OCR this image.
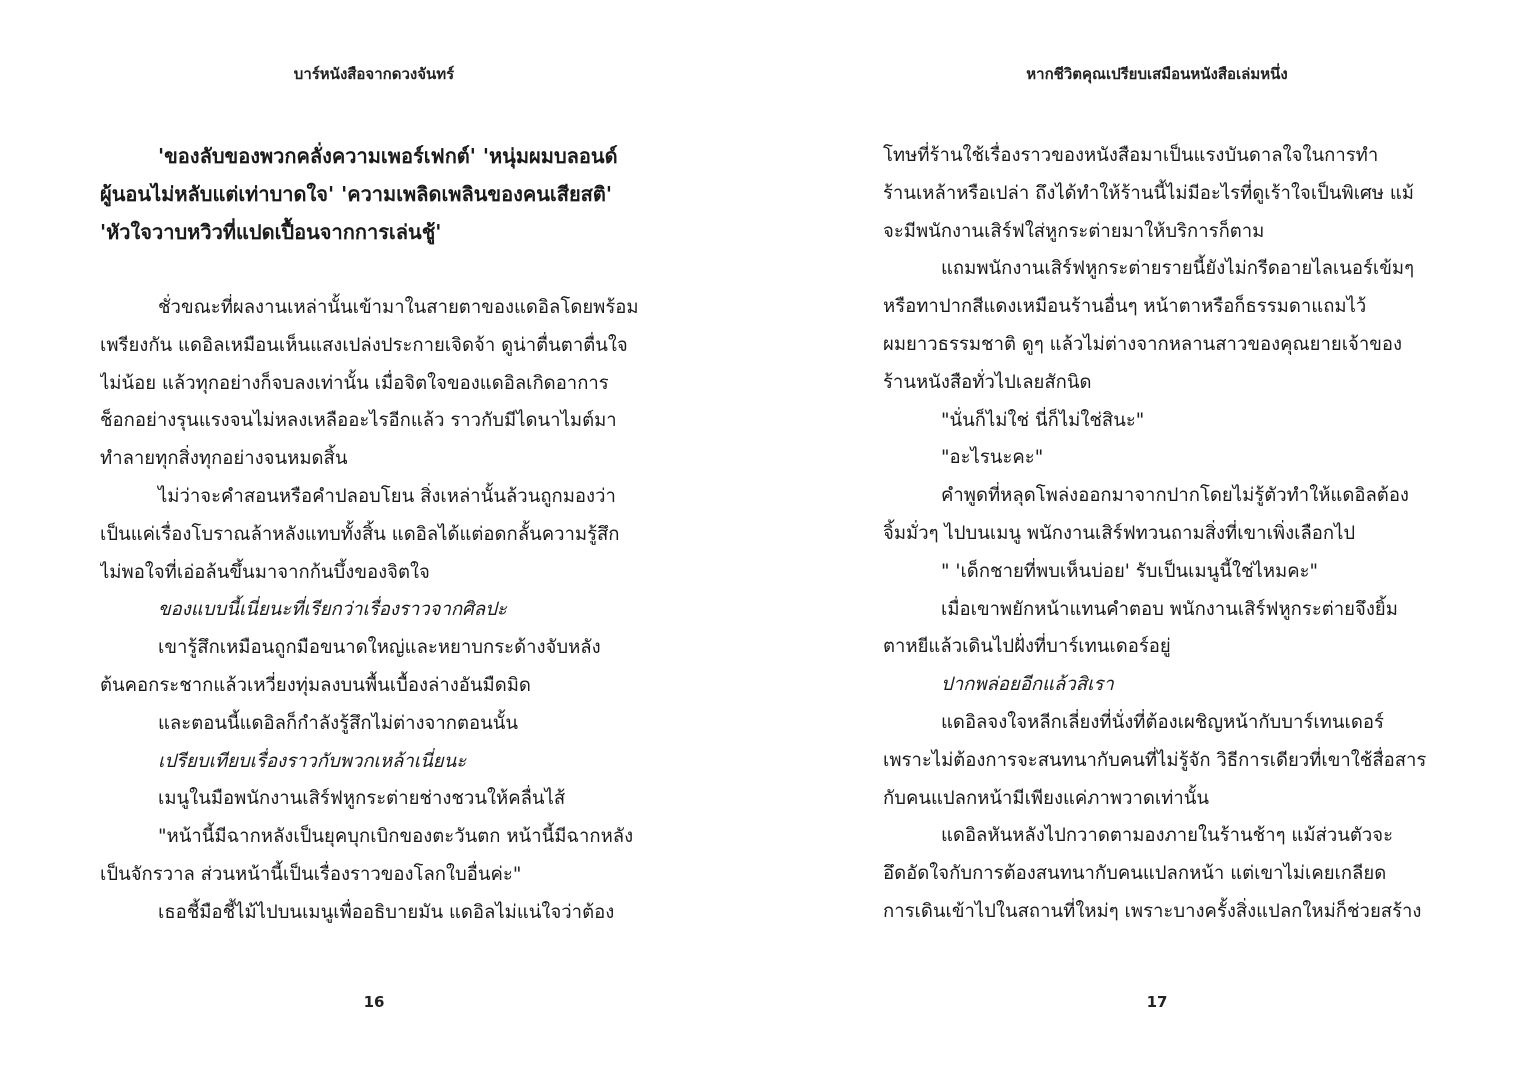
บาร์หนังสือจากดวงจันทร์
'ของลับของพวกคลั่งความเพอร์เฟกต์' 'หนุ่มผมบลอนด์
ผู้นอนไม่หลับแต่เท่าบาดใจ' 'ความเพลิดเพลินของคนเสียสติ'
'หัวใจวาบหวิวที่แปดเปื้อนจากการเล่นชู้'
ชั่วขณะที่ผลงานเหล่านั้นเข้ามาในสายตาของแดอิลโดยพร้อม
เพรียงกัน แดอิลเหมือนเห็นแสงเปล่งประกายเจิดจ้า ดูน่าตื่นตาตื่นใจ
ไม่น้อย แล้วทุกอย่างก็จบลงเท่านั้น เมื่อจิตใจของแดอิลเกิดอาการ
ช็อกอย่างรุนแรงจนไม่หลงเหลืออะไรอีกแล้ว ราวกับมีไดนาไมต์มา
ทำลายทุกสิ่งทุกอย่างจนหมดสิ้น
ไม่ว่าจะคำสอนหรือคำปลอบโยน สิ่งเหล่านั้นล้วนถูกมองว่า
เป็นแค่เรื่องโบราณล้าหลังแทบทั้งสิ้น แดอิลได้แต่อดกลั้นความรู้สึก
ไม่พอใจที่เอ่อล้นขึ้นมาจากก้นบึ้งของจิตใจ
ของแบบนี้เนี่ยนะที่เรียกว่าเรื่องราวจากศิลปะ
เขารู้สึกเหมือนถูกมือขนาดใหญ่และหยาบกระด้างจับหลัง
ต้นคอกระชากแล้วเหวี่ยงทุ่มลงบนพื้นเบื้องล่างอันมืดมิด
และตอนนี้แดอิลก็กำลังรู้สึกไม่ต่างจากตอนนั้น
เปรียบเทียบเรื่องราวกับพวกเหล้าเนี่ยนะ
เมนูในมือพนักงานเสิร์ฟหูกระต่ายช่างชวนให้คลื่นไส้
"หน้านี้มีฉากหลังเป็นยุคบุกเบิกของตะวันตก หน้านี้มีฉากหลัง
เป็นจักรวาล ส่วนหน้านี้เป็นเรื่องราวของโลกใบอื่นค่ะ"
เธอชี้มือชี้ไม้ไปบนเมนูเพื่ออธิบายมัน แดอิลไม่แน่ใจว่าต้อง
16
หากชีวิตคุณเปรียบเสมือนหนังสือเล่มหนึ่ง
โทษที่ร้านใช้เรื่องราวของหนังสือมาเป็นแรงบันดาลใจในการทำ
ร้านเหล้าหรือเปล่า ถึงได้ทำให้ร้านนี้ไม่มีอะไรที่ดูเร้าใจเป็นพิเศษ แม้
จะมีพนักงานเสิร์ฟใส่หูกระต่ายมาให้บริการก็ตาม
แถมพนักงานเสิร์ฟหูกระต่ายรายนี้ยังไม่กรีดอายไลเนอร์เข้มๆ
หรือทาปากสีแดงเหมือนร้านอื่นๆ หน้าตาหรือก็ธรรมดาแถมไว้
ผมยาวธรรมชาติ ดูๆ แล้วไม่ต่างจากหลานสาวของคุณยายเจ้าของ
ร้านหนังสือทั่วไปเลยสักนิด
"นั่นก็ไม่ใช่ นี่ก็ไม่ใช่สินะ"
"อะไรนะคะ"
คำพูดที่หลุดโพล่งออกมาจากปากโดยไม่รู้ตัวทำให้แดอิลต้อง
จิ้มมั่วๆ ไปบนเมนู พนักงานเสิร์ฟทวนถามสิ่งที่เขาเพิ่งเลือกไป
" 'เด็กชายที่พบเห็นบ่อย' รับเป็นเมนูนี้ใช่ไหมคะ"
เมื่อเขาพยักหน้าแทนคำตอบ พนักงานเสิร์ฟหูกระต่ายจึงยิ้ม
ตาหยีแล้วเดินไปฝั่งที่บาร์เทนเดอร์อยู่
ปากพล่อยอีกแล้วสิเรา
แดอิลจงใจหลีกเลี่ยงที่นั่งที่ต้องเผชิญหน้ากับบาร์เทนเดอร์
เพราะไม่ต้องการจะสนทนากับคนที่ไม่รู้จัก วิธีการเดียวที่เขาใช้สื่อสาร
กับคนแปลกหน้ามีเพียงแค่ภาพวาดเท่านั้น
แดอิลหันหลังไปกวาดตามองภายในร้านช้าๆ แม้ส่วนตัวจะ
อึดอัดใจกับการต้องสนทนากับคนแปลกหน้า แต่เขาไม่เคยเกลียด
การเดินเข้าไปในสถานที่ใหม่ๆ เพราะบางครั้งสิ่งแปลกใหม่ก็ช่วยสร้าง
17
